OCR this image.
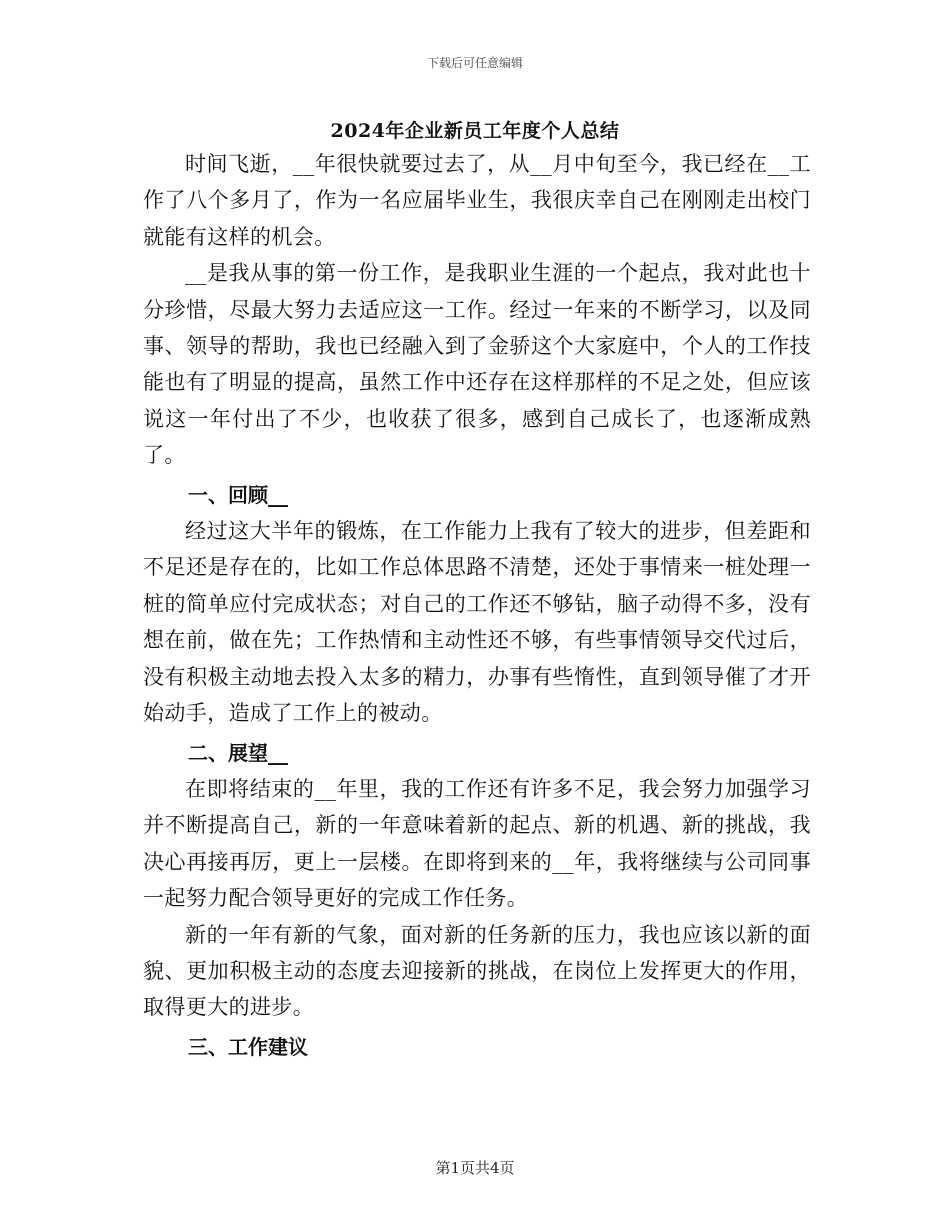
下载后可任意编辑
2024年企业新员工年度个人总结

时间飞逝，__年很快就要过去了，从__月中旬至今，我已经在__工作了八个多月了，作为一名应届毕业生，我很庆幸自己在刚刚走出校门就能有这样的机会。

__是我从事的第一份工作，是我职业生涯的一个起点，我对此也十分珍惜，尽最大努力去适应这一工作。经过一年来的不断学习，以及同事、领导的帮助，我也已经融入到了金骄这个大家庭中，个人的工作技能也有了明显的提高，虽然工作中还存在这样那样的不足之处，但应该说这一年付出了不少，也收获了很多，感到自己成长了，也逐渐成熟了。

一、回顾__

经过这大半年的锻炼，在工作能力上我有了较大的进步，但差距和不足还是存在的，比如工作总体思路不清楚，还处于事情来一桩处理一桩的简单应付完成状态；对自己的工作还不够钻，脑子动得不多，没有想在前，做在先；工作热情和主动性还不够，有些事情领导交代过后，没有积极主动地去投入太多的精力，办事有些惰性，直到领导催了才开始动手，造成了工作上的被动。

二、展望__

在即将结束的__年里，我的工作还有许多不足，我会努力加强学习并不断提高自己，新的一年意味着新的起点、新的机遇、新的挑战，我决心再接再厉，更上一层楼。在即将到来的__年，我将继续与公司同事一起努力配合领导更好的完成工作任务。

新的一年有新的气象，面对新的任务新的压力，我也应该以新的面貌、更加积极主动的态度去迎接新的挑战，在岗位上发挥更大的作用，取得更大的进步。

三、工作建议

第1页共4页
